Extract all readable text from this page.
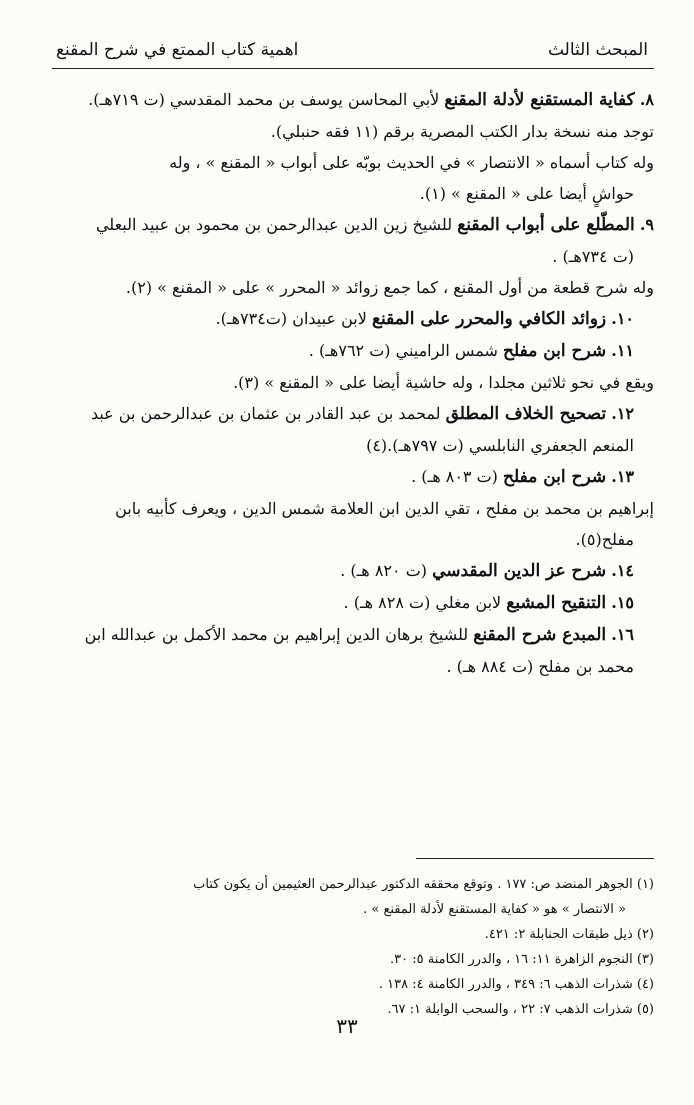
المبحث الثالث
اهمية كتاب الممتع في شرح المقنع

٨. كفاية المستقنع لأدلة المقنع لأبي المحاسن يوسف بن محمد المقدسي (ت ٧١٩هـ).

توجد منه نسخة بدار الكتب المصرية برقم (١١ فقه حنبلي).

وله كتاب أسماه « الانتصار » في الحديث بوبّه على أبواب « المقنع » ، وله

حواشٍ أيضا على « المقنع » (١).

٩. المطّلع على أبواب المقنع للشيخ زين الدين عبدالرحمن بن محمود بن عبيد البعلي

(ت ٧٣٤هـ) .

وله شرح قطعة من أول المقنع ، كما جمع زوائد « المحرر » على « المقنع » (٢).

١٠. زوائد الكافي والمحرر على المقنع لابن عبيدان (ت٧٣٤هـ).

١١. شرح ابن مفلح شمس الراميني (ت ٧٦٢هـ) .

ويقع في نحو ثلاثين مجلدا ، وله حاشية أيضا على « المقنع » (٣).

١٢. تصحيح الخلاف المطلق لمحمد بن عبد القادر بن عثمان بن عبدالرحمن بن عبد

المنعم الجعفري النابلسي (ت ٧٩٧هـ).(٤)

١٣. شرح ابن مفلح (ت ٨٠٣ هـ) .

إبراهيم بن محمد بن مفلح ، تقي الدين ابن العلامة شمس الدين ، ويعرف كأبيه بابن

مفلح(٥).

١٤. شرح عز الدين المقدسي (ت ٨٢٠ هـ) .

١٥. التنقيح المشبع لابن مغلي (ت ٨٢٨ هـ) .

١٦. المبدع شرح المقنع للشيخ برهان الدين إبراهيم بن محمد الأكمل بن عبدالله ابن

محمد بن مفلح (ت ٨٨٤ هـ) .

(١) الجوهر المنضد ص: ١٧٧ . وتوقع محققه الدكتور عبدالرحمن العثيمين أن يكون كتاب

« الانتصار » هو « كفاية المستقنع لأدلة المقنع » .

(٢) ذيل طبقات الحنابلة ٢: ٤٢١.

(٣) النجوم الزاهرة ١١: ١٦ ، والدرر الكامنة ٥: ٣٠.

(٤) شذرات الذهب ٦: ٣٤٩ ، والدرر الكامنة ٤: ١٣٨ .

(٥) شذرات الذهب ٧: ٢٢ ، والسحب الوابلة ١: ٦٧.

٣٣
